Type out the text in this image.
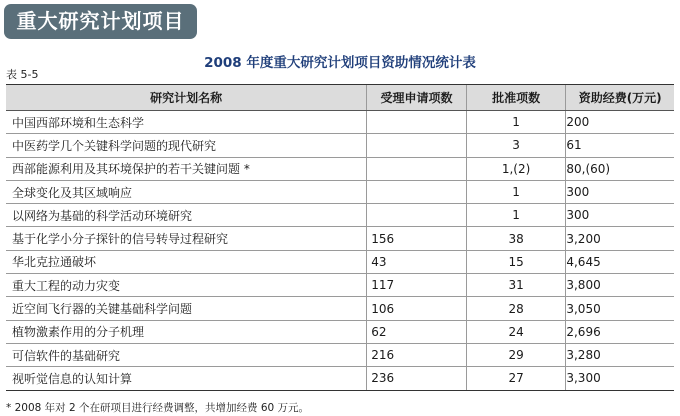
重大研究计划项目
2008 年度重大研究计划项目资助情况统计表
表 5-5
研究计划名称	受理申请项数	批准项数	资助经费(万元)
中国西部环境和生态科学		1	200
中医药学几个关键科学问题的现代研究		3	61
西部能源利用及其环境保护的若干关键问题 *		1,(2)	80,(60)
全球变化及其区域响应		1	300
以网络为基础的科学活动环境研究		1	300
基于化学小分子探针的信号转导过程研究	156	38	3,200
华北克拉通破坏	43	15	4,645
重大工程的动力灾变	117	31	3,800
近空间飞行器的关键基础科学问题	106	28	3,050
植物激素作用的分子机理	62	24	2,696
可信软件的基础研究	216	29	3,280
视听觉信息的认知计算	236	27	3,300
* 2008 年对 2 个在研项目进行经费调整，共增加经费 60 万元。
